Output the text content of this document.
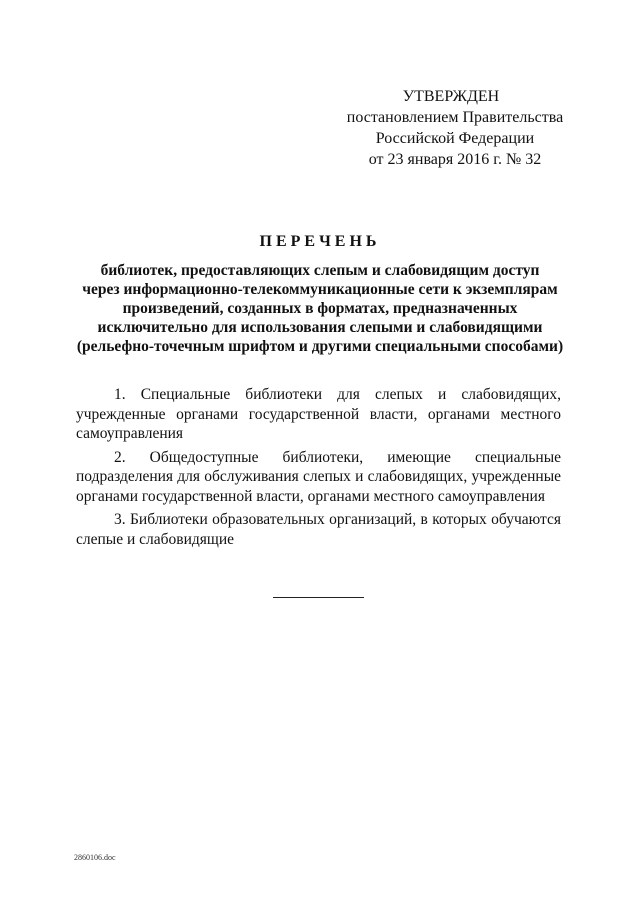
УТВЕРЖДЕН
постановлением Правительства
Российской Федерации
от 23 января 2016 г. № 32
ПЕРЕЧЕНЬ
библиотек, предоставляющих слепым и слабовидящим доступ
через информационно-телекоммуникационные сети к экземплярам
произведений, созданных в форматах, предназначенных
исключительно для использования слепыми и слабовидящими
(рельефно-точечным шрифтом и другими специальными способами)

1. Специальные библиотеки для слепых и слабовидящих, учрежденные органами государственной власти, органами местного самоуправления

2. Общедоступные библиотеки, имеющие специальные подразделения для обслуживания слепых и слабовидящих, учрежденные органами государственной власти, органами местного самоуправления

3. Библиотеки образовательных организаций, в которых обучаются слепые и слабовидящие

2860106.doc
